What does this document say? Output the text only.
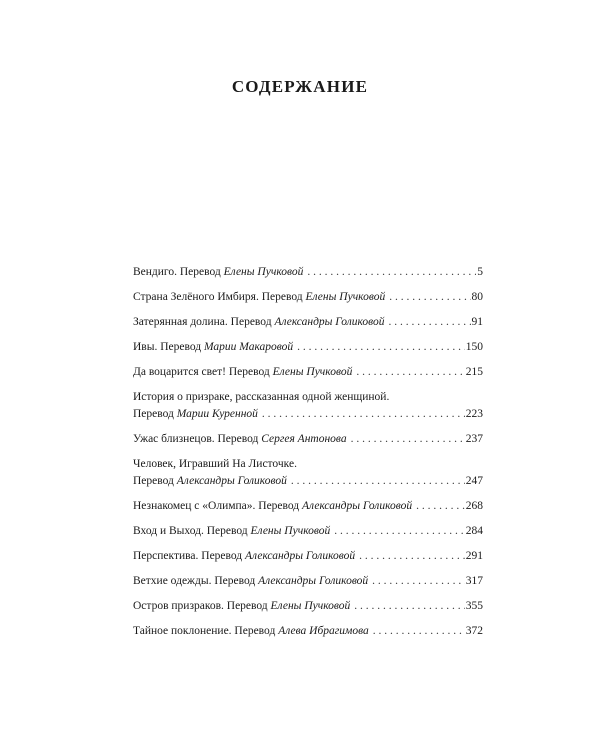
СОДЕРЖАНИЕ
Вендиго. Перевод Елены Пучковой . . .	5
Страна Зелёного Имбиря. Перевод Елены Пучковой . . .	80
Затерянная долина. Перевод Александры Голиковой . . .	91
Ивы. Перевод Марии Макаровой . . .	150
Да воцарится свет! Перевод Елены Пучковой . . .	215
История о призраке, рассказанная одной женщиной.
Перевод Марии Куренной . . .	223
Ужас близнецов. Перевод Сергея Антонова . . .	237
Человек, Игравший На Листочке.
Перевод Александры Голиковой . . .	247
Незнакомец с «Олимпа». Перевод Александры Голиковой . . .	268
Вход и Выход. Перевод Елены Пучковой . . .	284
Перспектива. Перевод Александры Голиковой . . .	291
Ветхие одежды. Перевод Александры Голиковой . . .	317
Остров призраков. Перевод Елены Пучковой . . .	355
Тайное поклонение. Перевод Алева Ибрагимова . . .	372
